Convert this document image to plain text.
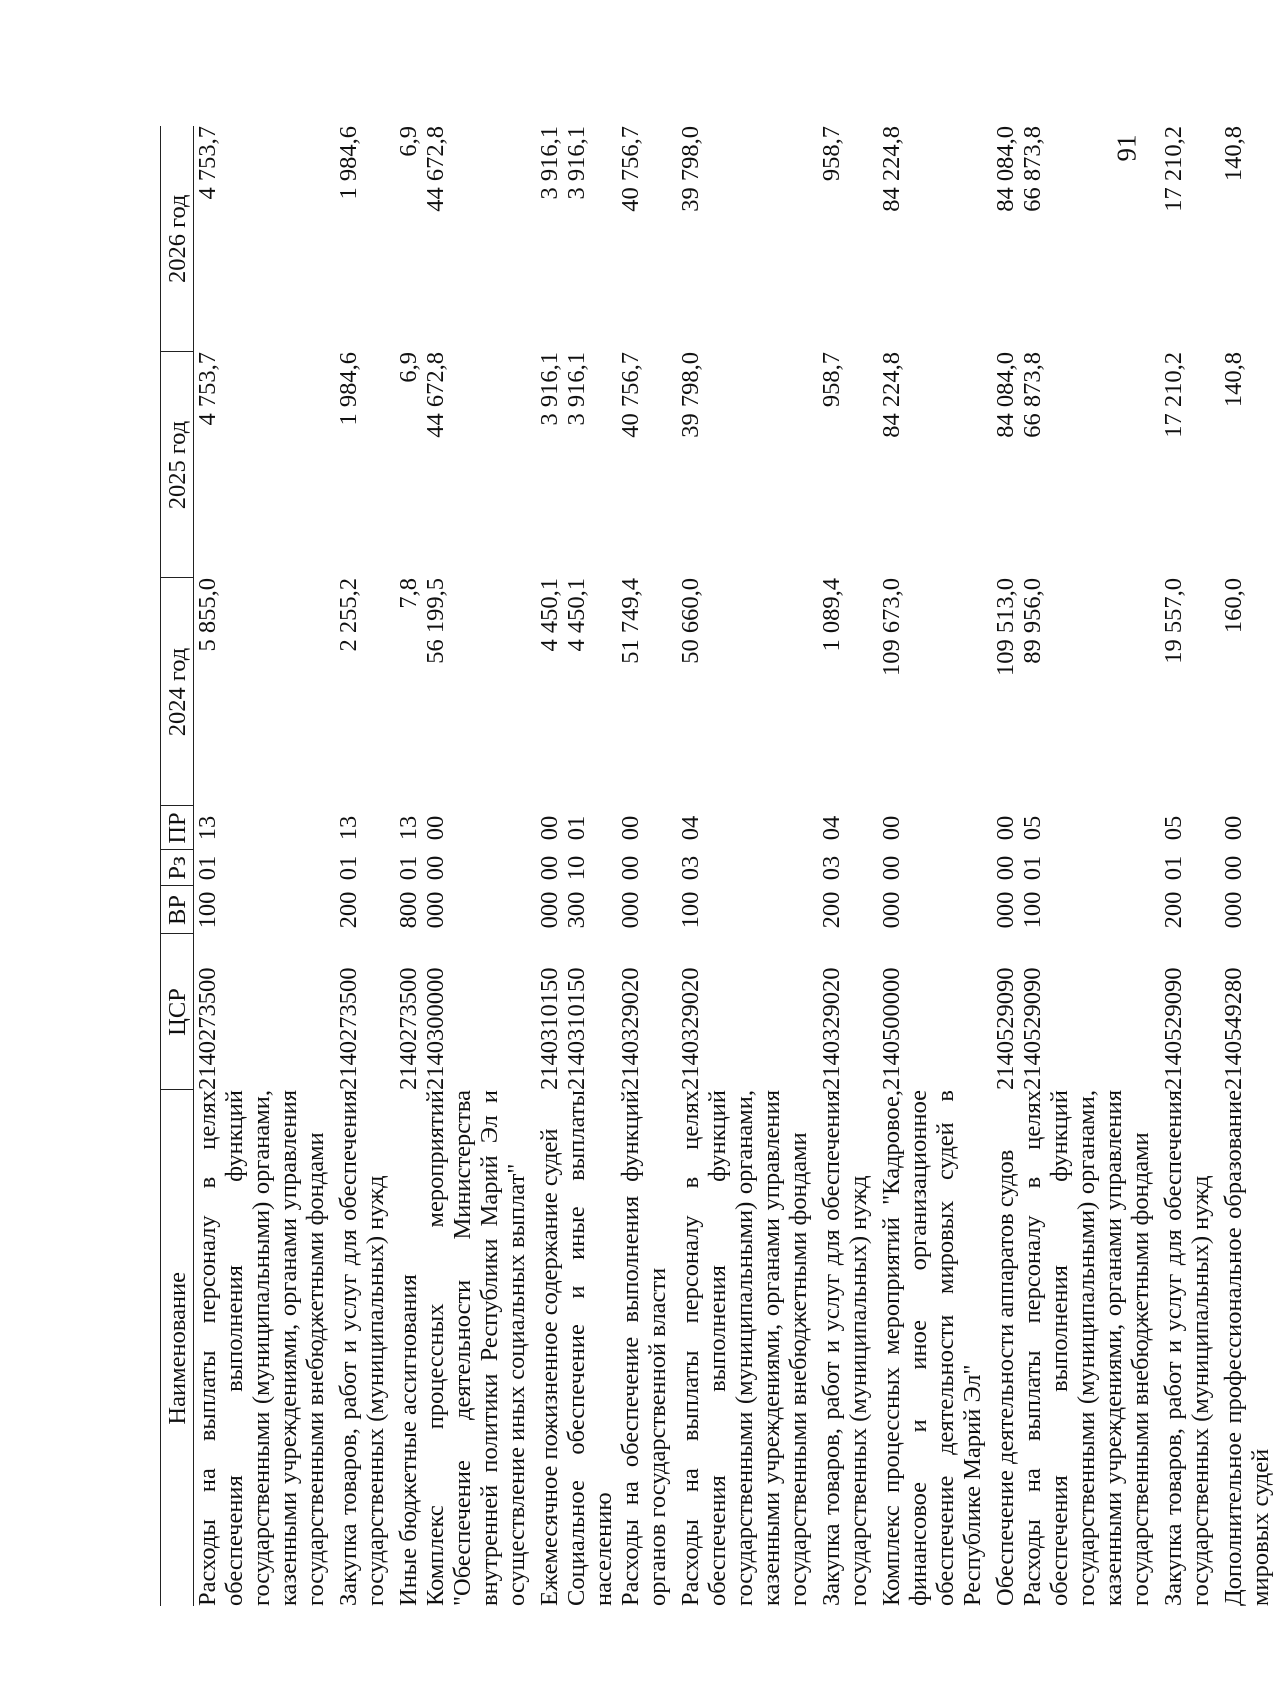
91
Наименование	ЦСР	ВР	Рз	ПР	2024 год	2025 год	2026 год
Расходы на выплаты персоналу в целях обеспечения выполнения функций государственными (муниципальными) органами, казенными учреждениями, органами управления государственными внебюджетными фондами	2140273500	100	01	13	5 855,0	4 753,7	4 753,7
Закупка товаров, работ и услуг для обеспечения государственных (муниципальных) нужд	2140273500	200	01	13	2 255,2	1 984,6	1 984,6
Иные бюджетные ассигнования	2140273500	800	01	13	7,8	6,9	6,9
Комплекс процессных мероприятий "Обеспечение деятельности Министерства внутренней политики Республики Марий Эл и осуществление иных социальных выплат"	2140300000	000	00	00	56 199,5	44 672,8	44 672,8
Ежемесячное пожизненное содержание судей	2140310150	000	00	00	4 450,1	3 916,1	3 916,1
Социальное обеспечение и иные выплаты населению	2140310150	300	10	01	4 450,1	3 916,1	3 916,1
Расходы на обеспечение выполнения функций органов государственной власти	2140329020	000	00	00	51 749,4	40 756,7	40 756,7
Расходы на выплаты персоналу в целях обеспечения выполнения функций государственными (муниципальными) органами, казенными учреждениями, органами управления государственными внебюджетными фондами	2140329020	100	03	04	50 660,0	39 798,0	39 798,0
Закупка товаров, работ и услуг для обеспечения государственных (муниципальных) нужд	2140329020	200	03	04	1 089,4	958,7	958,7
Комплекс процессных мероприятий "Кадровое, финансовое и иное организационное обеспечение деятельности мировых судей в Республике Марий Эл"	2140500000	000	00	00	109 673,0	84 224,8	84 224,8
Обеспечение деятельности аппаратов судов	2140529090	000	00	00	109 513,0	84 084,0	84 084,0
Расходы на выплаты персоналу в целях обеспечения выполнения функций государственными (муниципальными) органами, казенными учреждениями, органами управления государственными внебюджетными фондами	2140529090	100	01	05	89 956,0	66 873,8	66 873,8
Закупка товаров, работ и услуг для обеспечения государственных (муниципальных) нужд	2140529090	200	01	05	19 557,0	17 210,2	17 210,2
Дополнительное профессиональное образование мировых судей	2140549280	000	00	00	160,0	140,8	140,8
